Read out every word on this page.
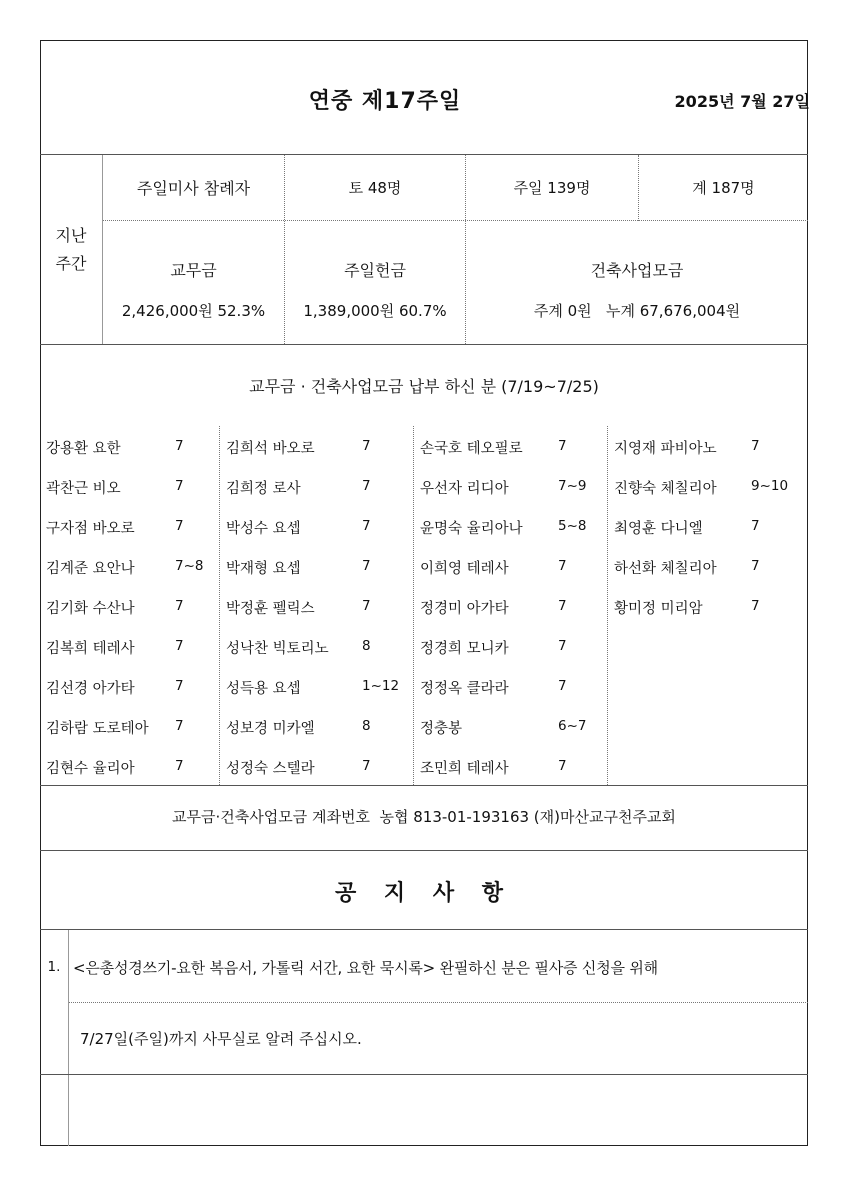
연중 제17주일	2025년 7월 27일
지난
주간
주일미사 참례자	토 48명	주일 139명	계 187명
교무금
2,426,000원 52.3%
주일헌금
1,389,000원 60.7%
건축사업모금
주계 0원   누계 67,676,004원
교무금 · 건축사업모금 납부 하신 분 (7/19~7/25)
강용환 요한	7
곽찬근 비오	7
구자점 바오로	7
김계준 요안나	7~8
김기화 수산나	7
김복희 테레사	7
김선경 아가타	7
김하람 도로테아 7
김현수 율리아	7
김희석 바오로	7
김희정 로사	7
박성수 요셉	7
박재형 요셉	7
박정훈 펠릭스	7
성낙찬 빅토리노 8
성득용 요셉	1~12
성보경 미카엘	8
성정숙 스텔라	7
손국호 테오필로	7
우선자 리디아	7~9
윤명숙 율리아나	5~8
이희영 테레사	7
정경미 아가타	7
정경희 모니카	7
정정옥 클라라	7
정충봉	6~7
조민희 테레사	7
지영재 파비아노	7
진향숙 체칠리아	9~10
최영훈 다니엘	7
하선화 체칠리아	7
황미정 미리암	7
교무금·건축사업모금 계좌번호  농협 813-01-193163 (재)마산교구천주교회
공 지 사 항
1. <은총성경쓰기-요한 복음서, 가톨릭 서간, 요한 묵시록> 완필하신 분은 필사증 신청을 위해
7/27일(주일)까지 사무실로 알려 주십시오.
